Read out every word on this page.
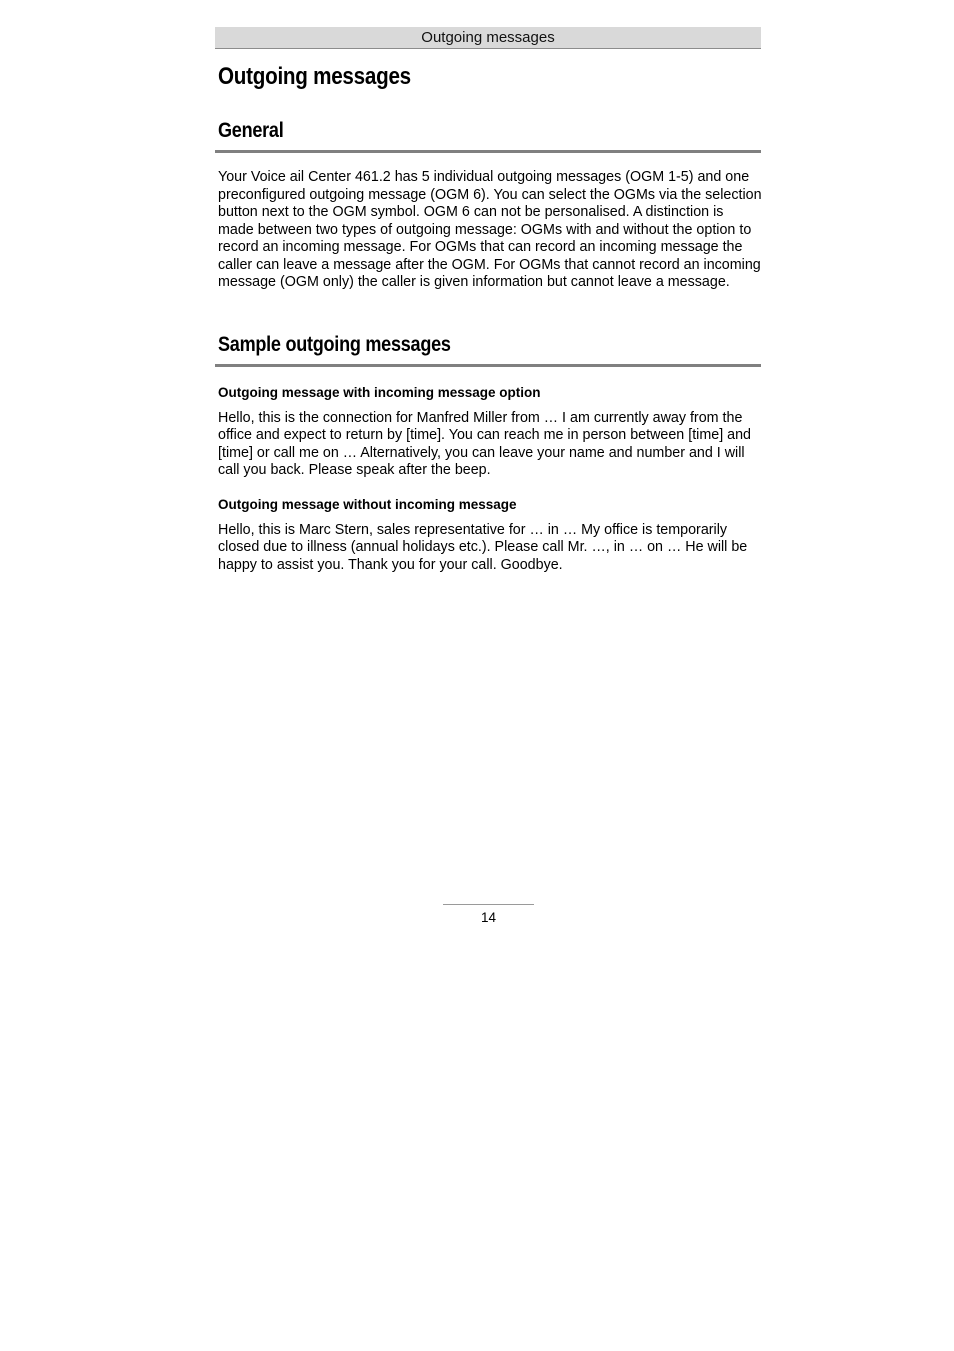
Outgoing messages
Outgoing messages
General

Your Voice ail Center 461.2 has 5 individual outgoing messages (OGM 1-5) and one preconfigured outgoing message (OGM 6). You can select the OGMs via the selection button next to the OGM symbol. OGM 6 can not be personalised. A distinction is made between two types of outgoing message: OGMs with and without the option to record an incoming message. For OGMs that can record an incoming message the caller can leave a message after the OGM. For OGMs that cannot record an incoming message (OGM only) the caller is given information but cannot leave a message.

Sample outgoing messages
Outgoing message with incoming message option

Hello, this is the connection for Manfred Miller from … I am currently away from the office and expect to return by [time]. You can reach me in person between [time] and [time] or call me on … Alternatively, you can leave your name and number and I will call you back. Please speak after the beep.

Outgoing message without incoming message

Hello, this is Marc Stern, sales representative for … in … My office is temporarily closed due to illness (annual holidays etc.). Please call Mr. …, in … on … He will be happy to assist you. Thank you for your call. Goodbye.

14
